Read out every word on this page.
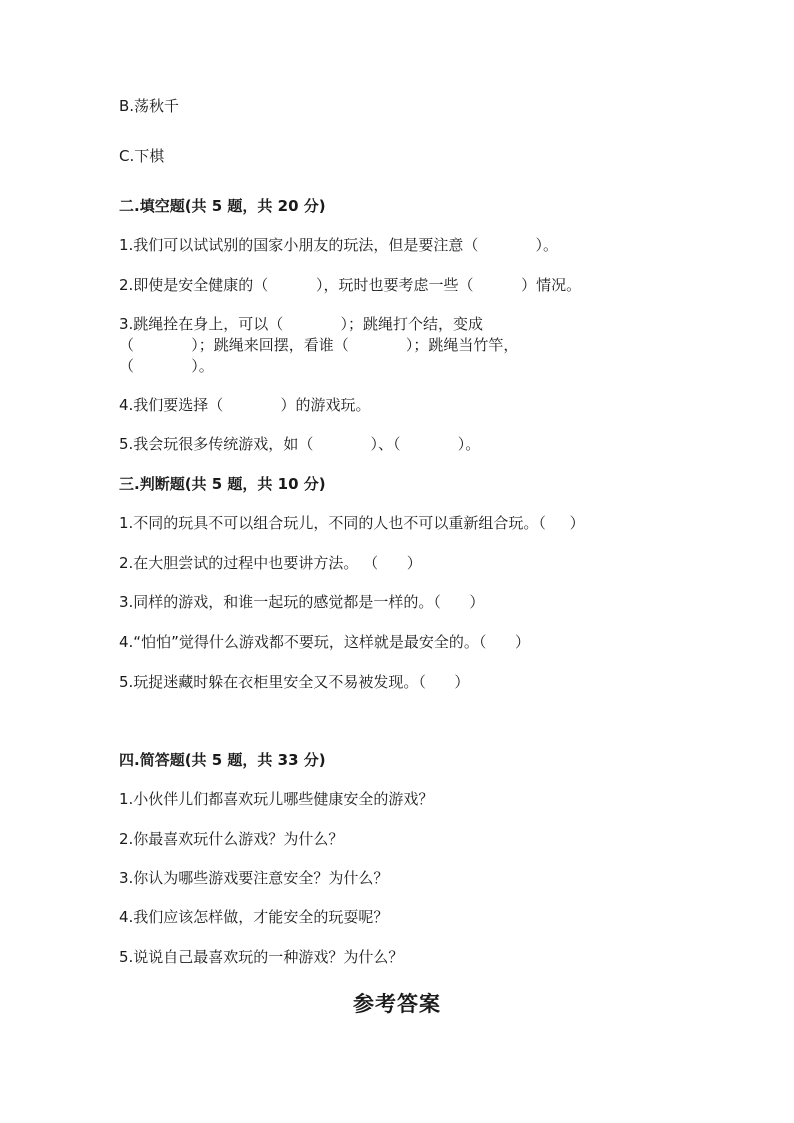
B.荡秋千
C.下棋
二.填空题(共 5 题，共 20 分)
1.我们可以试试别的国家小朋友的玩法，但是要注意（            ）。
2.即使是安全健康的（          ），玩时也要考虑一些（          ）情况。
3.跳绳拴在身上，可以（            ）；跳绳打个结，变成
（            ）；跳绳来回摆，看谁（            ）；跳绳当竹竿，
（            ）。
4.我们要选择（            ）的游戏玩。
5.我会玩很多传统游戏，如（            ）、（            ）。
三.判断题(共 5 题，共 10 分)
1.不同的玩具不可以组合玩儿，不同的人也不可以重新组合玩。（     ）
2.在大胆尝试的过程中也要讲方法。 （      ）
3.同样的游戏，和谁一起玩的感觉都是一样的。（      ）
4.“怕怕”觉得什么游戏都不要玩，这样就是最安全的。（      ）
5.玩捉迷藏时躲在衣柜里安全又不易被发现。（      ）
四.简答题(共 5 题，共 33 分)
1.小伙伴儿们都喜欢玩儿哪些健康安全的游戏？
2.你最喜欢玩什么游戏？为什么？
3.你认为哪些游戏要注意安全？为什么？
4.我们应该怎样做，才能安全的玩耍呢？
5.说说自己最喜欢玩的一种游戏？为什么？
参考答案
